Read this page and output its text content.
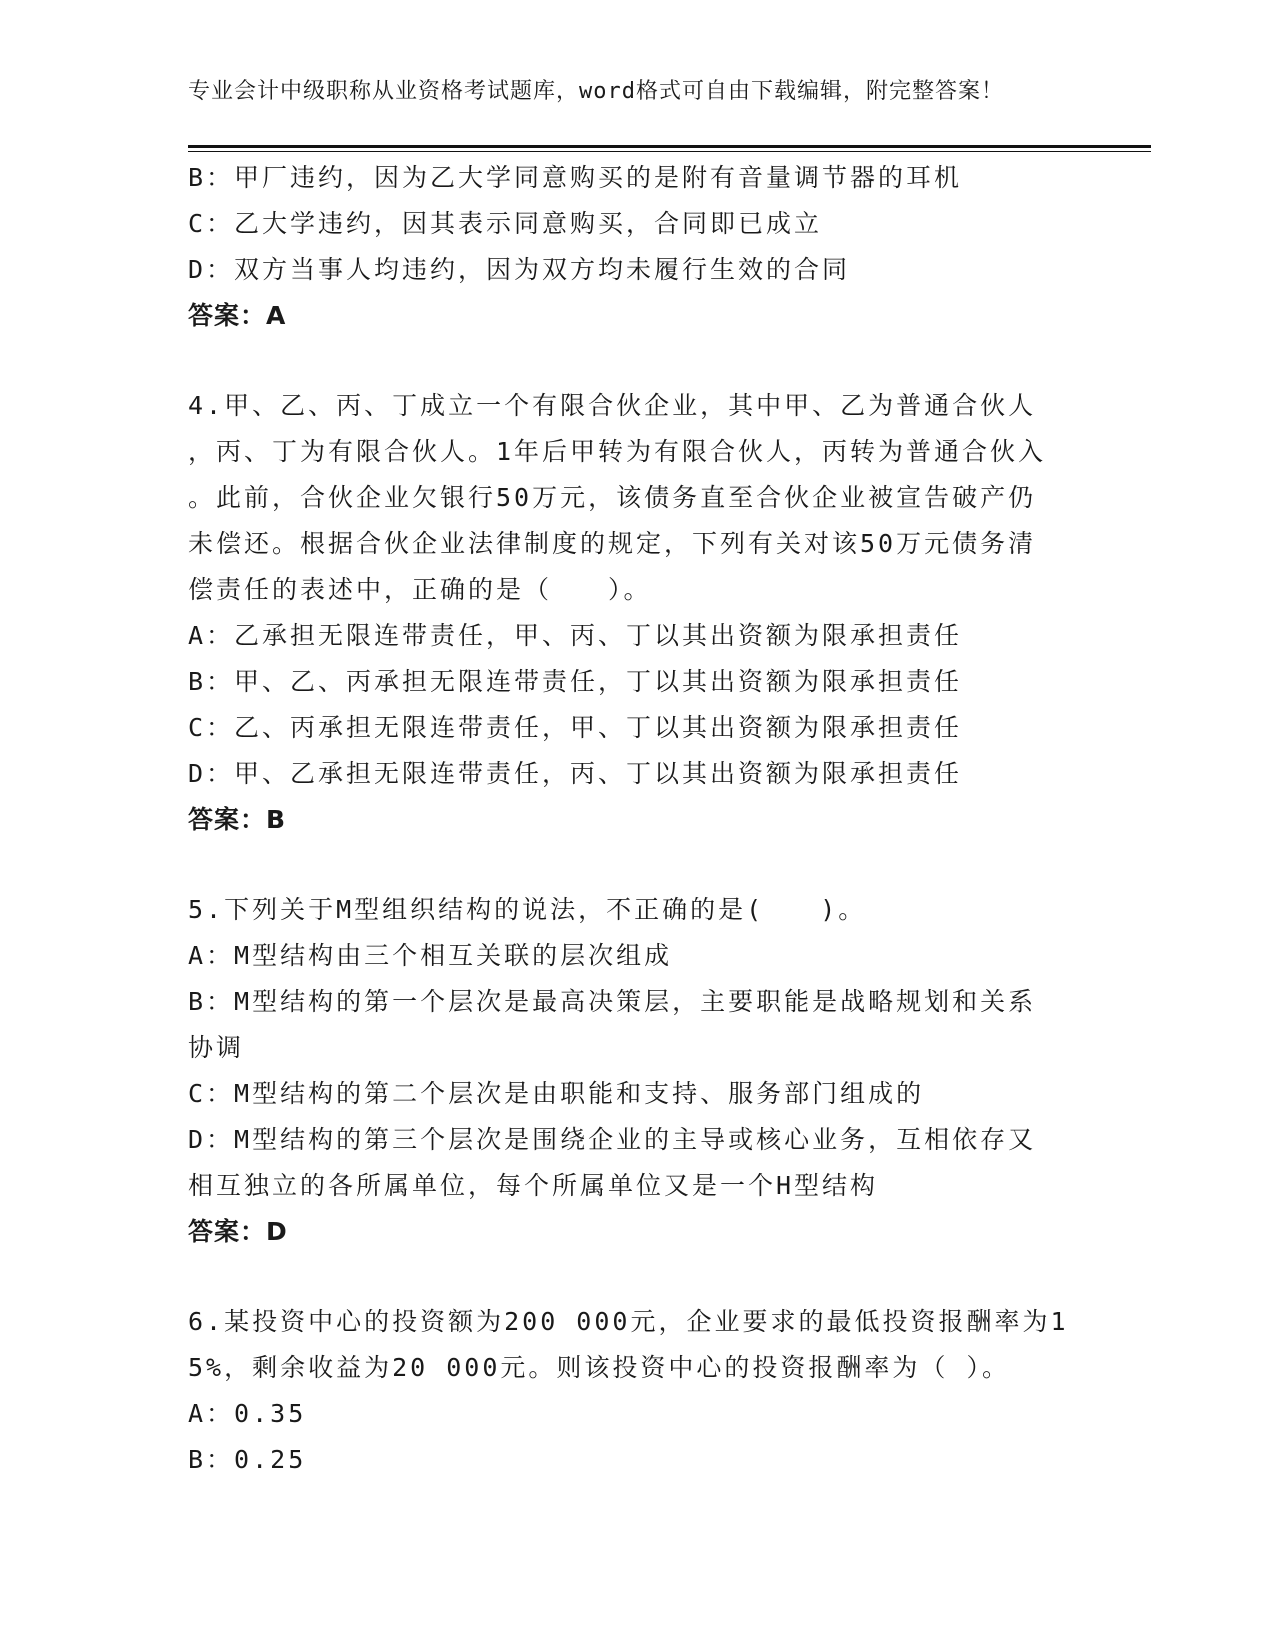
专业会计中级职称从业资格考试题库，word格式可自由下载编辑，附完整答案！
B：甲厂违约，因为乙大学同意购买的是附有音量调节器的耳机
C：乙大学违约，因其表示同意购买，合同即已成立
D：双方当事人均违约，因为双方均未履行生效的合同
答案：A
4.甲、乙、丙、丁成立一个有限合伙企业，其中甲、乙为普通合伙人
，丙、丁为有限合伙人。1年后甲转为有限合伙人，丙转为普通合伙入
。此前，合伙企业欠银行50万元，该债务直至合伙企业被宣告破产仍
未偿还。根据合伙企业法律制度的规定，下列有关对该50万元债务清
偿责任的表述中，正确的是（　　）。
A：乙承担无限连带责任，甲、丙、丁以其出资额为限承担责任
B：甲、乙、丙承担无限连带责任，丁以其出资额为限承担责任
C：乙、丙承担无限连带责任，甲、丁以其出资额为限承担责任
D：甲、乙承担无限连带责任，丙、丁以其出资额为限承担责任
答案：B
5.下列关于M型组织结构的说法，不正确的是(　　)。
A：M型结构由三个相互关联的层次组成
B：M型结构的第一个层次是最高决策层，主要职能是战略规划和关系
协调
C：M型结构的第二个层次是由职能和支持、服务部门组成的
D：M型结构的第三个层次是围绕企业的主导或核心业务，互相依存又
相互独立的各所属单位，每个所属单位又是一个H型结构
答案：D
6.某投资中心的投资额为200 000元，企业要求的最低投资报酬率为1
5%，剩余收益为20 000元。则该投资中心的投资报酬率为（ ）。
A：0.35
B：0.25
